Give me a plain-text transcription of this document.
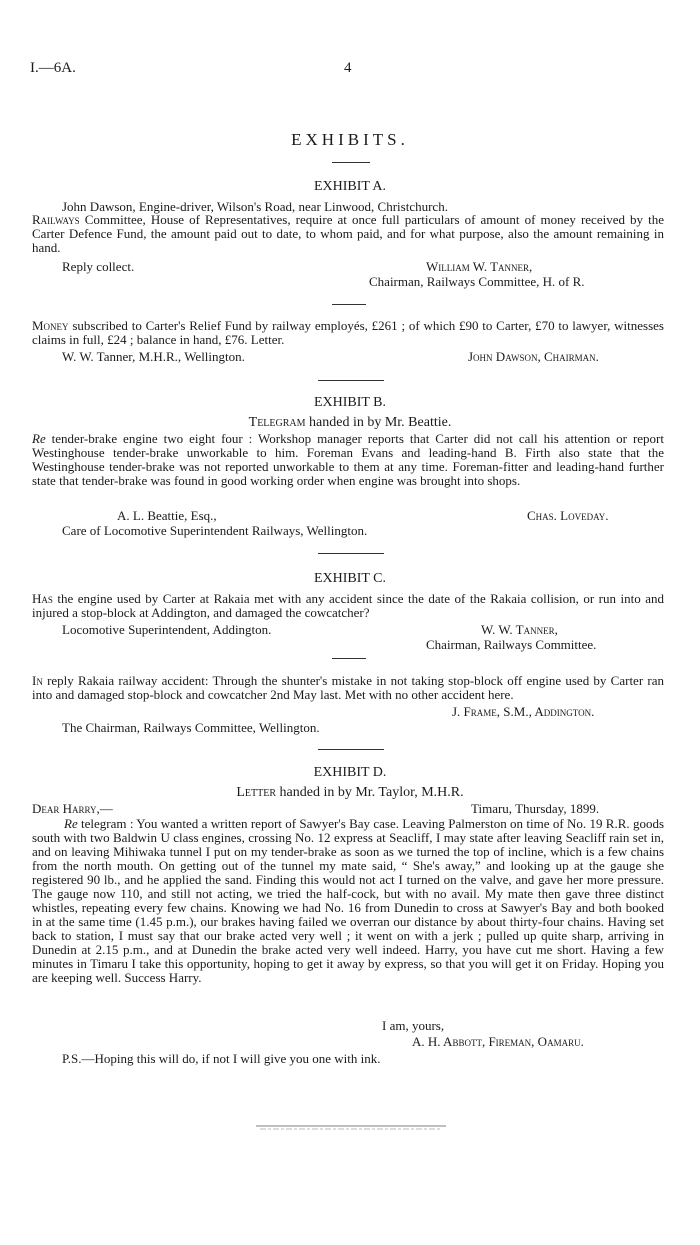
I.—6A.	4
EXHIBITS.
EXHIBIT A.
John Dawson, Engine-driver, Wilson's Road, near Linwood, Christchurch.

Railways Committee, House of Representatives, require at once full particulars of amount of money received by the Carter Defence Fund, the amount paid out to date, to whom paid, and for what purpose, also the amount remaining in hand.

Reply collect.	William W. Tanner,
Chairman, Railways Committee, H. of R.

Money subscribed to Carter's Relief Fund by railway employés, £261 ; of which £90 to Carter, £70 to lawyer, witnesses claims in full, £24 ; balance in hand, £76. Letter.

W. W. Tanner, M.H.R., Wellington.	John Dawson, Chairman.
EXHIBIT B.
Telegram handed in by Mr. Beattie.

Re tender-brake engine two eight four : Workshop manager reports that Carter did not call his attention or report Westinghouse tender-brake unworkable to him. Foreman Evans and leading-hand B. Firth also state that the Westinghouse tender-brake was not reported unworkable to them at any time. Foreman-fitter and leading-hand further state that tender-brake was found in good working order when engine was brought into shops.

A. L. Beattie, Esq.,	Chas. Loveday.
Care of Locomotive Superintendent Railways, Wellington.
EXHIBIT C.

Has the engine used by Carter at Rakaia met with any accident since the date of the Rakaia collision, or run into and injured a stop-block at Addington, and damaged the cowcatcher?

Locomotive Superintendent, Addington.	W. W. Tanner,
Chairman, Railways Committee.

In reply Rakaia railway accident: Through the shunter's mistake in not taking stop-block off engine used by Carter ran into and damaged stop-block and cowcatcher 2nd May last. Met with no other accident here.

J. Frame, S.M., Addington.
The Chairman, Railways Committee, Wellington.
EXHIBIT D.
Letter handed in by Mr. Taylor, M.H.R.
Dear Harry,—	Timaru, Thursday, 1899.

Re telegram : You wanted a written report of Sawyer's Bay case. Leaving Palmerston on time of No. 19 R.R. goods south with two Baldwin U class engines, crossing No. 12 express at Seacliff, I may state after leaving Seacliff rain set in, and on leaving Mihiwaka tunnel I put on my tender-brake as soon as we turned the top of incline, which is a few chains from the north mouth. On getting out of the tunnel my mate said, “ She's away,” and looking up at the gauge she registered 90 lb., and he applied the sand. Finding this would not act I turned on the valve, and gave her more pressure. The gauge now 110, and still not acting, we tried the half-cock, but with no avail. My mate then gave three distinct whistles, repeating every few chains. Knowing we had No. 16 from Dunedin to cross at Sawyer's Bay and both booked in at the same time (1.45 p.m.), our brakes having failed we overran our distance by about thirty-four chains. Having set back to station, I must say that our brake acted very well ; it went on with a jerk ; pulled up quite sharp, arriving in Dunedin at 2.15 p.m., and at Dunedin the brake acted very well indeed. Harry, you have cut me short. Having a few minutes in Timaru I take this opportunity, hoping to get it away by express, so that you will get it on Friday. Hoping you are keeping well. Success Harry.

I am, yours,
A. H. Abbott, Fireman, Oamaru.
P.S.—Hoping this will do, if not I will give you one with ink.
